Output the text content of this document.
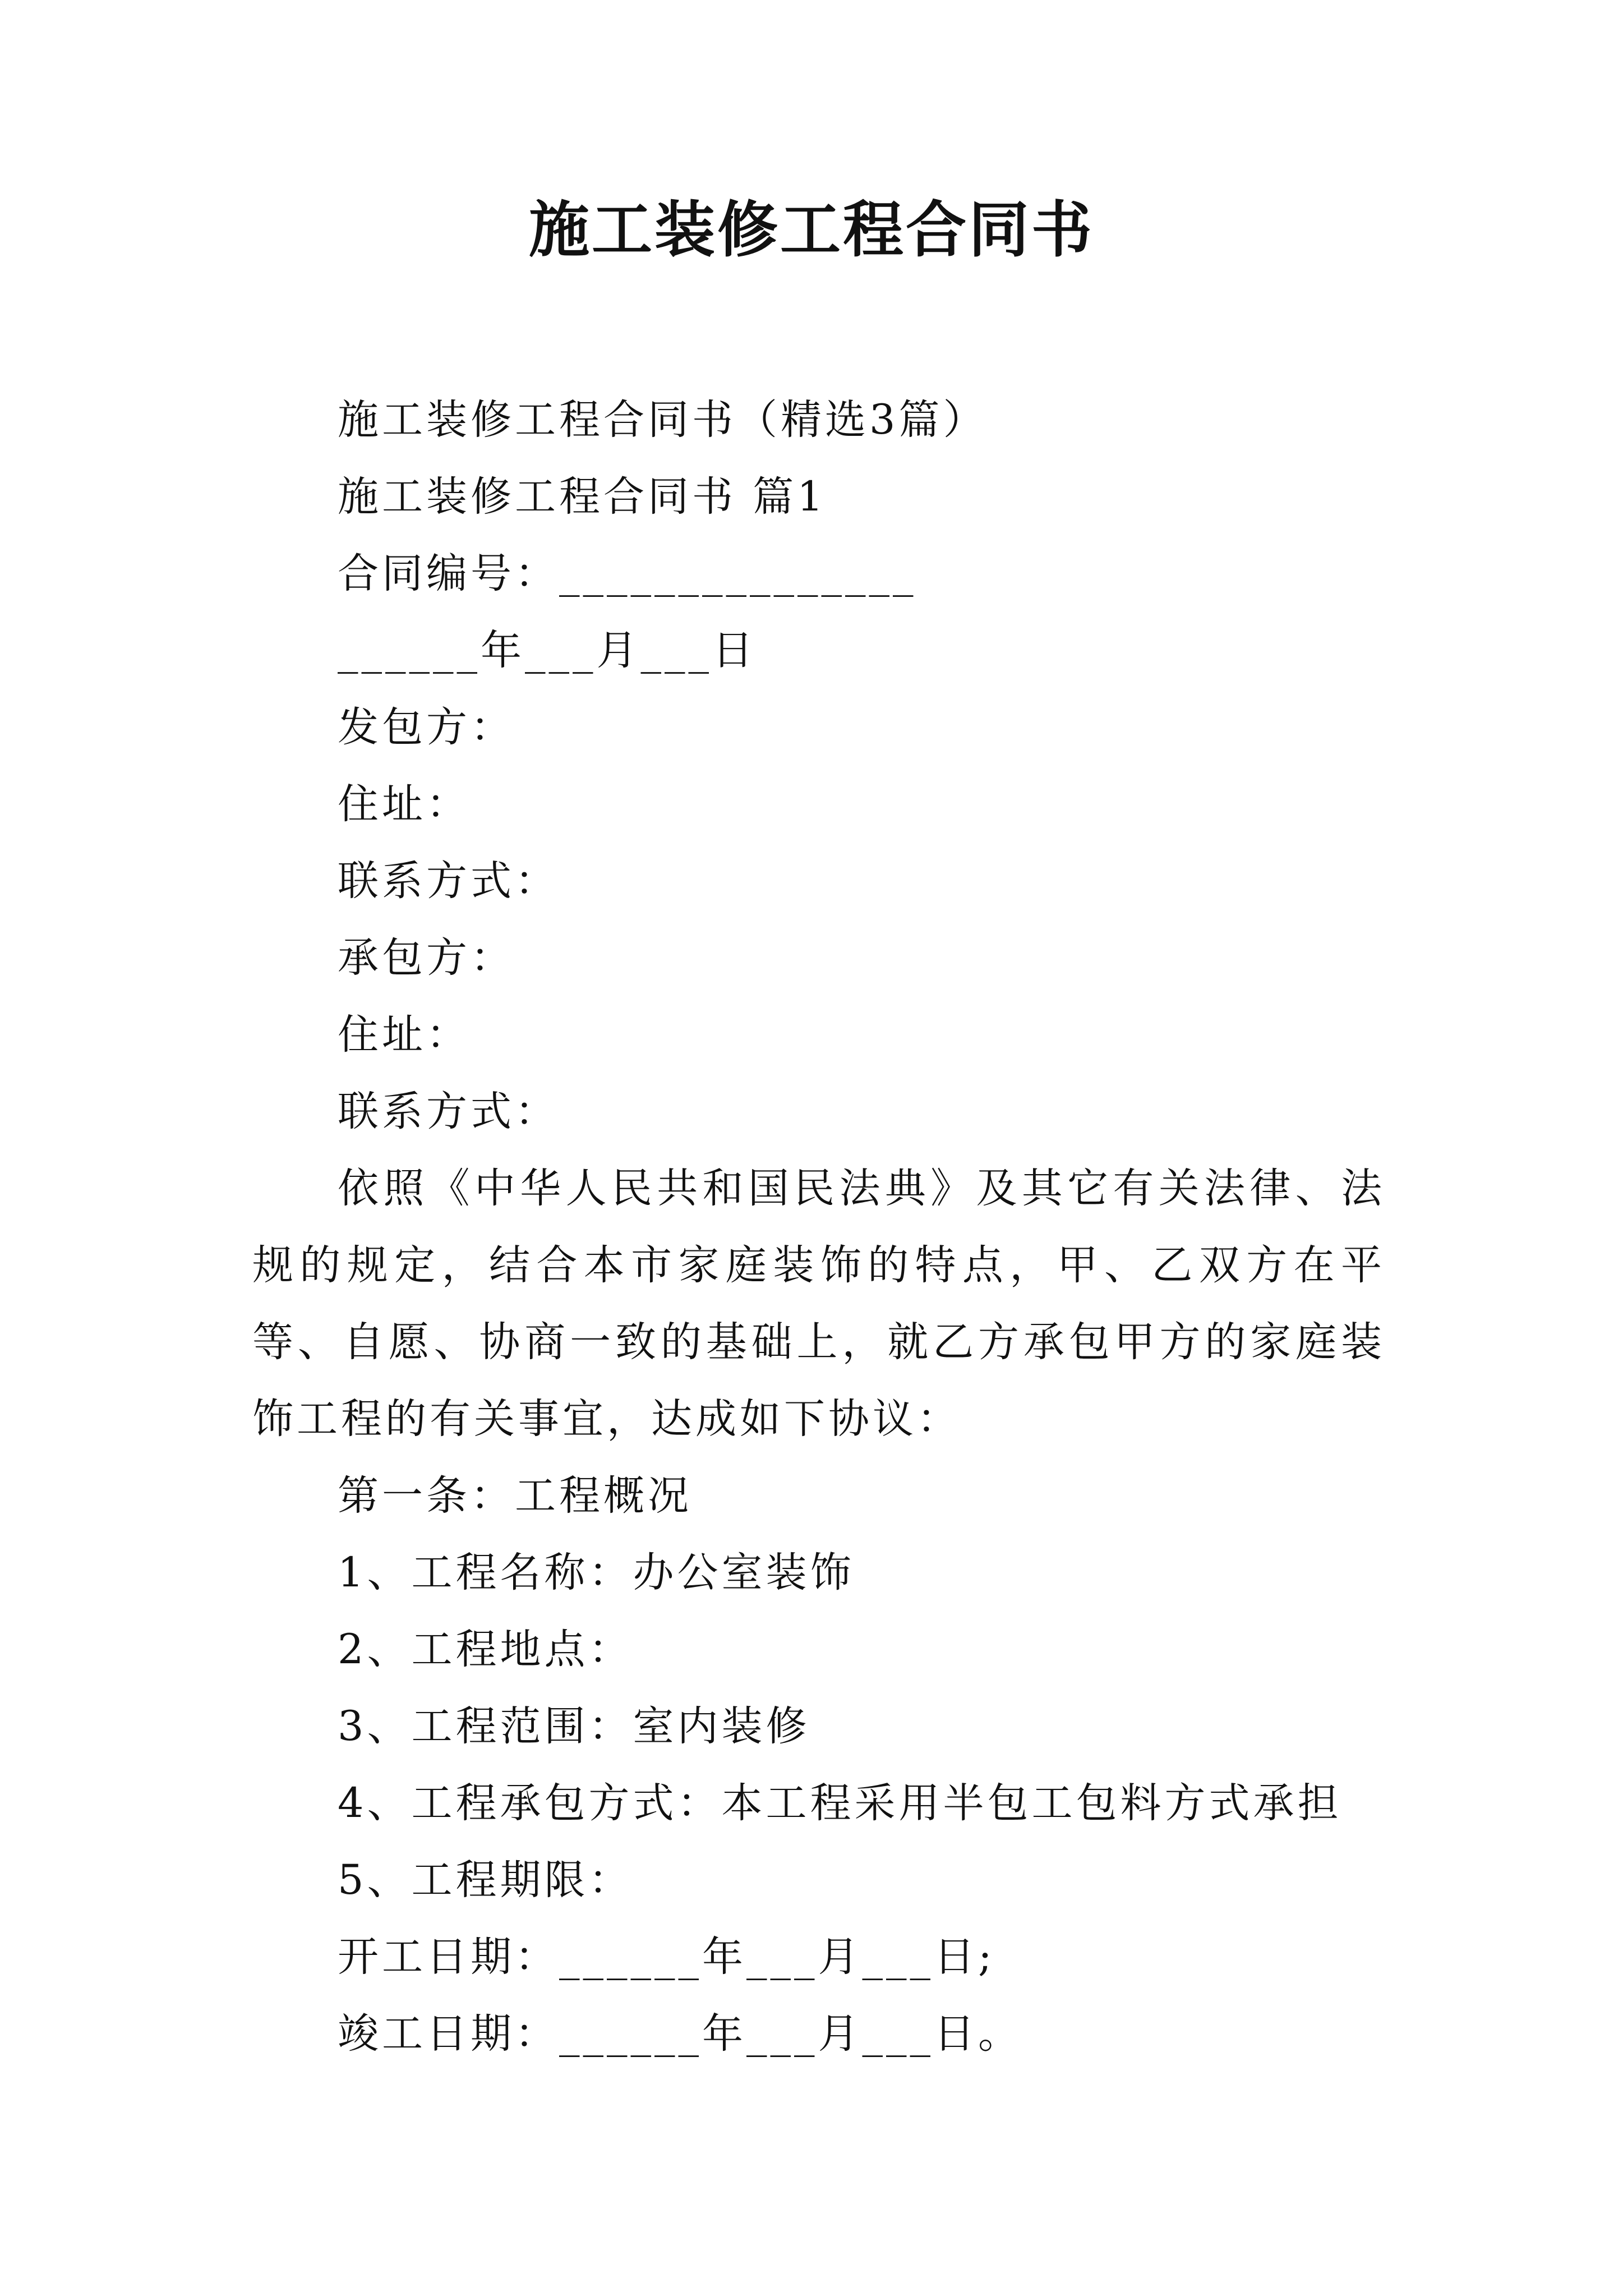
施工装修工程合同书
施工装修工程合同书（精选3篇）
施工装修工程合同书 篇1
合同编号：_______________
______年___月___日
发包方：
住址：
联系方式：
承包方：
住址：
联系方式：
依照《中华人民共和国民法典》及其它有关法律、法规的规定，结合本市家庭装饰的特点，甲、乙双方在平等、自愿、协商一致的基础上，就乙方承包甲方的家庭装饰工程的有关事宜，达成如下协议：
第一条：工程概况
1、工程名称：办公室装饰
2、工程地点：
3、工程范围：室内装修
4、工程承包方式：本工程采用半包工包料方式承担
5、工程期限：
开工日期：______年___月___日;
竣工日期：______年___月___日。
